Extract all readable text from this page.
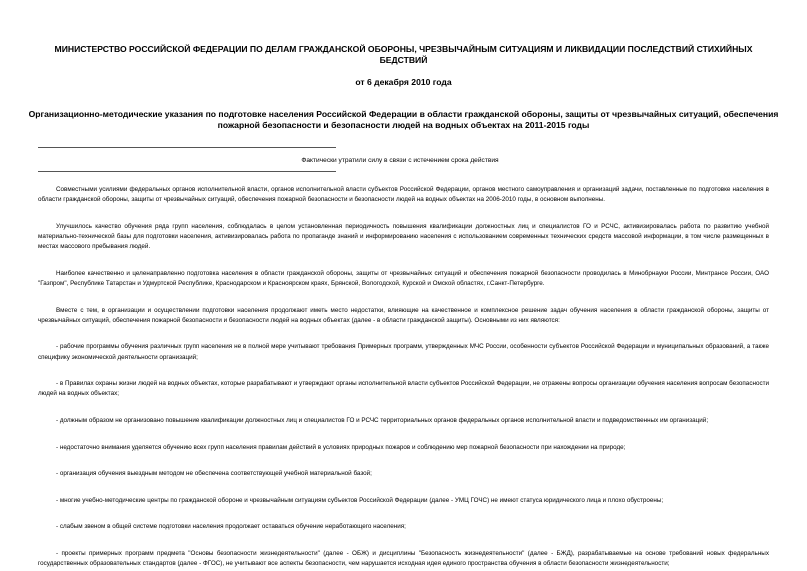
МИНИСТЕРСТВО РОССИЙСКОЙ ФЕДЕРАЦИИ ПО ДЕЛАМ ГРАЖДАНСКОЙ ОБОРОНЫ, ЧРЕЗВЫЧАЙНЫМ СИТУАЦИЯМ И ЛИКВИДАЦИИ ПОСЛЕДСТВИЙ СТИХИЙНЫХ БЕДСТВИЙ
от 6 декабря 2010 года
Организационно-методические указания по подготовке населения Российской Федерации в области гражданской обороны, защиты от чрезвычайных ситуаций, обеспечения пожарной безопасности и безопасности людей на водных объектах на 2011-2015 годы
Фактически утратили силу в связи с истечением срока действия

Совместными усилиями федеральных органов исполнительной власти, органов исполнительной власти субъектов Российской Федерации, органов местного самоуправления и организаций задачи, поставленные по подготовке населения в области гражданской обороны, защиты от чрезвычайных ситуаций, обеспечения пожарной безопасности и безопасности людей на водных объектах на 2006-2010 годы, в основном выполнены.

Улучшилось качество обучения ряда групп населения, соблюдалась в целом установленная периодичность повышения квалификации должностных лиц и специалистов ГО и РСЧС, активизировалась работа по развитию учебной материально-технической базы для подготовки населения, активизировалась работа по пропаганде знаний и информированию населения с использованием современных технических средств массовой информации, в том числе размещенных в местах массового пребывания людей.

Наиболее качественно и целенаправленно подготовка населения в области гражданской обороны, защиты от чрезвычайных ситуаций и обеспечения пожарной безопасности проводилась в Минобрнауки России, Минтрансе России, ОАО "Газпром", Республике Татарстан и Удмуртской Республике, Краснодарском и Красноярском краях, Брянской, Вологодской, Курской и Омской областях, г.Санкт-Петербурге.

Вместе с тем, в организации и осуществлении подготовки населения продолжают иметь место недостатки, влияющие на качественное и комплексное решение задач обучения населения в области гражданской обороны, защиты от чрезвычайных ситуаций, обеспечения пожарной безопасности и безопасности людей на водных объектах (далее - в области гражданской защиты). Основными из них являются:

- рабочие программы обучения различных групп населения не в полной мере учитывают требования Примерных программ, утвержденных МЧС России, особенности субъектов Российской Федерации и муниципальных образований, а также специфику экономической деятельности организаций;

- в Правилах охраны жизни людей на водных объектах, которые разрабатывают и утверждают органы исполнительной власти субъектов Российской Федерации, не отражены вопросы организации обучения населения вопросам безопасности людей на водных объектах;

- должным образом не организовано повышение квалификации должностных лиц и специалистов ГО и РСЧС территориальных органов федеральных органов исполнительной власти и подведомственных им организаций;

- недостаточно внимания уделяется обучению всех групп населения правилам действий в условиях природных пожаров и соблюдению мер пожарной безопасности при нахождении на природе;

- организация обучения выездным методом не обеспечена соответствующей учебной материальной базой;

- многие учебно-методические центры по гражданской обороне и чрезвычайным ситуациям субъектов Российской Федерации (далее - УМЦ ГОЧС) не имеют статуса юридического лица и плохо обустроены;

- слабым звеном в общей системе подготовки населения продолжает оставаться обучение неработающего населения;

- проекты примерных программ предмета "Основы безопасности жизнедеятельности" (далее - ОБЖ) и дисциплины "Безопасность жизнедеятельности" (далее - БЖД), разрабатываемые на основе требований новых федеральных государственных образовательных стандартов (далее - ФГОС), не учитывают все аспекты безопасности, чем нарушается исходная идея единого пространства обучения в области безопасности жизнедеятельности;
